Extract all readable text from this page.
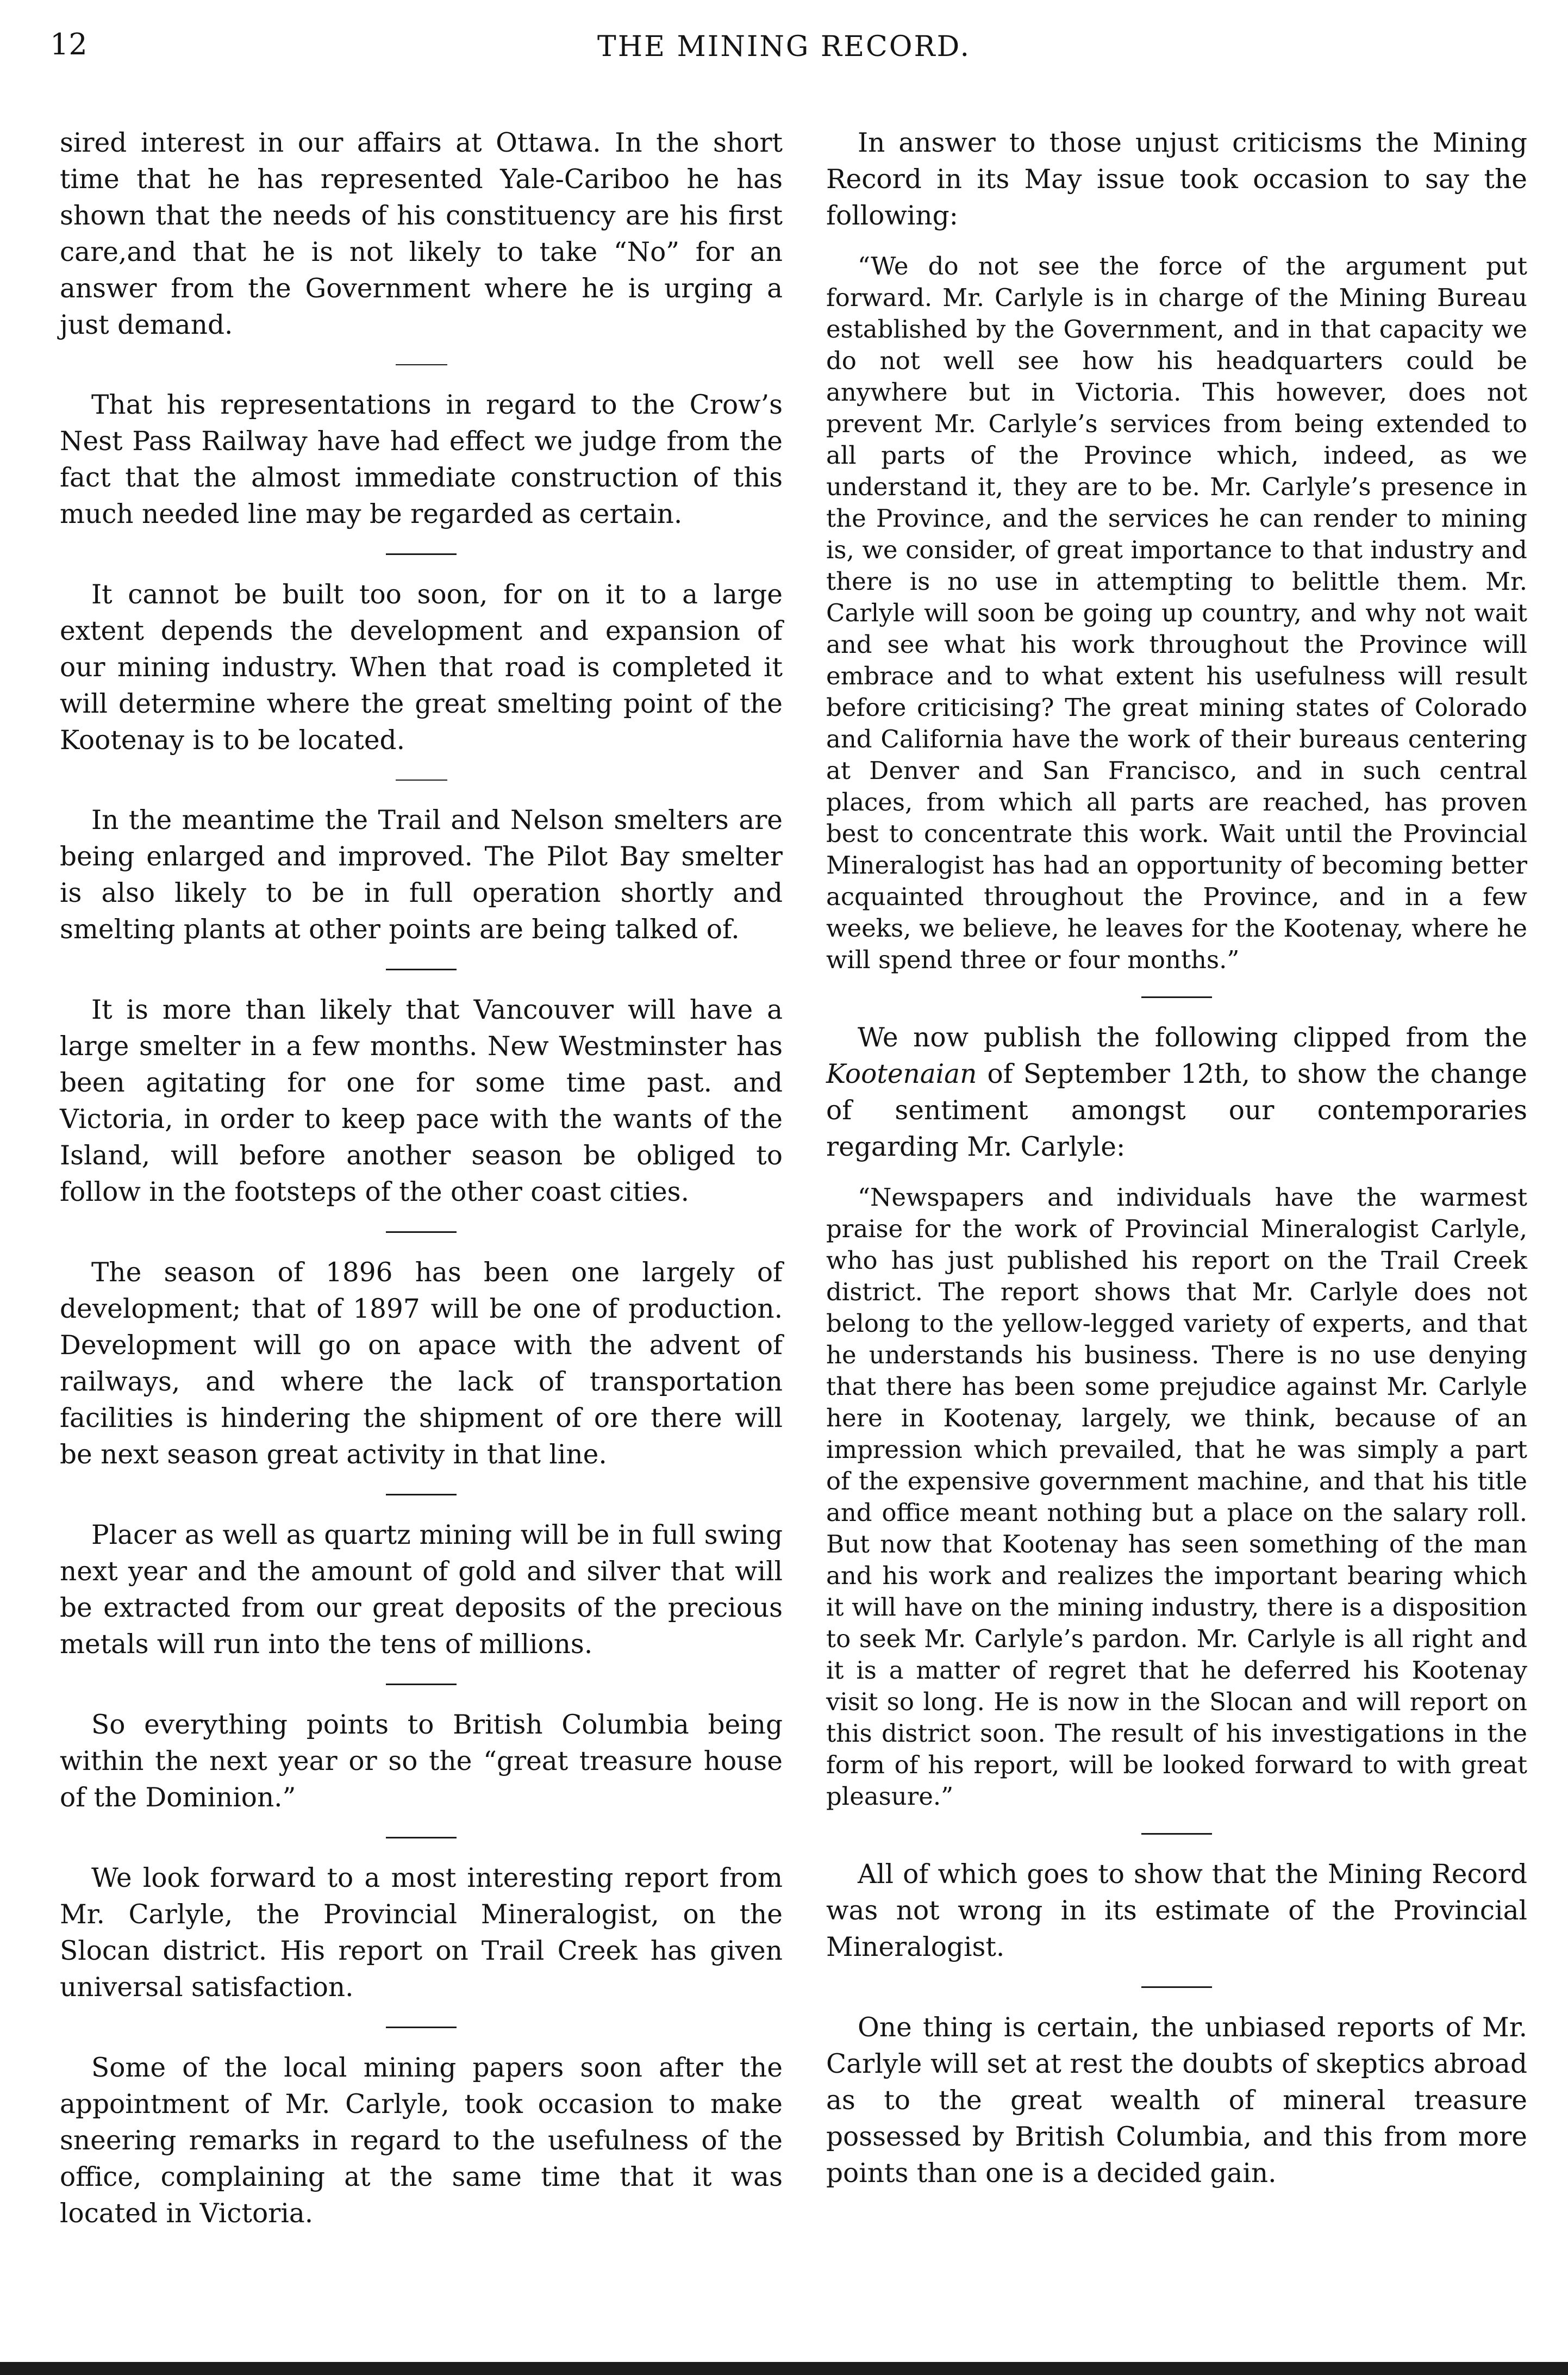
12	THE MINING RECORD.

sired interest in our affairs at Ottawa. In the short time that he has represented Yale-Cariboo he has shown that the needs of his constituency are his first care,and that he is not likely to take “No” for an answer from the Government where he is urging a just demand.

That his representations in regard to the Crow’s Nest Pass Railway have had effect we judge from the fact that the almost immediate construction of this much needed line may be regarded as certain.

It cannot be built too soon, for on it to a large extent depends the development and expansion of our mining industry. When that road is completed it will determine where the great smelting point of the Kootenay is to be located.

In the meantime the Trail and Nelson smelters are being enlarged and improved. The Pilot Bay smelter is also likely to be in full operation shortly and smelting plants at other points are being talked of.

It is more than likely that Vancouver will have a large smelter in a few months. New Westminster has been agitating for one for some time past. and Victoria, in order to keep pace with the wants of the Island, will before another season be obliged to follow in the footsteps of the other coast cities.

The season of 1896 has been one largely of development; that of 1897 will be one of production. Development will go on apace with the advent of railways, and where the lack of transportation facilities is hindering the shipment of ore there will be next season great activity in that line.

Placer as well as quartz mining will be in full swing next year and the amount of gold and silver that will be extracted from our great deposits of the precious metals will run into the tens of millions.

So everything points to British Columbia being within the next year or so the “great treasure house of the Dominion.”

We look forward to a most interesting report from Mr. Carlyle, the Provincial Mineralogist, on the Slocan district. His report on Trail Creek has given universal satisfaction.

Some of the local mining papers soon after the appointment of Mr. Carlyle, took occasion to make sneering remarks in regard to the usefulness of the office, complaining at the same time that it was located in Victoria.

In answer to those unjust criticisms the Mining Record in its May issue took occasion to say the following:

“We do not see the force of the argument put forward. Mr. Carlyle is in charge of the Mining Bureau established by the Government, and in that capacity we do not well see how his headquarters could be anywhere but in Victoria. This however, does not prevent Mr. Carlyle’s services from being extended to all parts of the Province which, indeed, as we understand it, they are to be. Mr. Carlyle’s presence in the Province, and the services he can render to mining is, we consider, of great importance to that industry and there is no use in attempting to belittle them. Mr. Carlyle will soon be going up country, and why not wait and see what his work throughout the Province will embrace and to what extent his usefulness will result before criticising? The great mining states of Colorado and California have the work of their bureaus centering at Denver and San Francisco, and in such central places, from which all parts are reached, has proven best to concentrate this work. Wait until the Provincial Mineralogist has had an opportunity of becoming better acquainted throughout the Province, and in a few weeks, we believe, he leaves for the Kootenay, where he will spend three or four months.”

We now publish the following clipped from the Kootenaian of September 12th, to show the change of sentiment amongst our contemporaries regarding Mr. Carlyle:

“Newspapers and individuals have the warmest praise for the work of Provincial Mineralogist Carlyle, who has just published his report on the Trail Creek district. The report shows that Mr. Carlyle does not belong to the yellow-legged variety of experts, and that he understands his business. There is no use denying that there has been some prejudice against Mr. Carlyle here in Kootenay, largely, we think, because of an impression which prevailed, that he was simply a part of the expensive government machine, and that his title and office meant nothing but a place on the salary roll. But now that Kootenay has seen something of the man and his work and realizes the important bearing which it will have on the mining industry, there is a disposition to seek Mr. Carlyle’s pardon. Mr. Carlyle is all right and it is a matter of regret that he deferred his Kootenay visit so long. He is now in the Slocan and will report on this district soon. The result of his investigations in the form of his report, will be looked forward to with great pleasure.”

All of which goes to show that the Mining Record was not wrong in its estimate of the Provincial Mineralogist.

One thing is certain, the unbiased reports of Mr. Carlyle will set at rest the doubts of skeptics abroad as to the great wealth of mineral treasure possessed by British Columbia, and this from more points than one is a decided gain.
